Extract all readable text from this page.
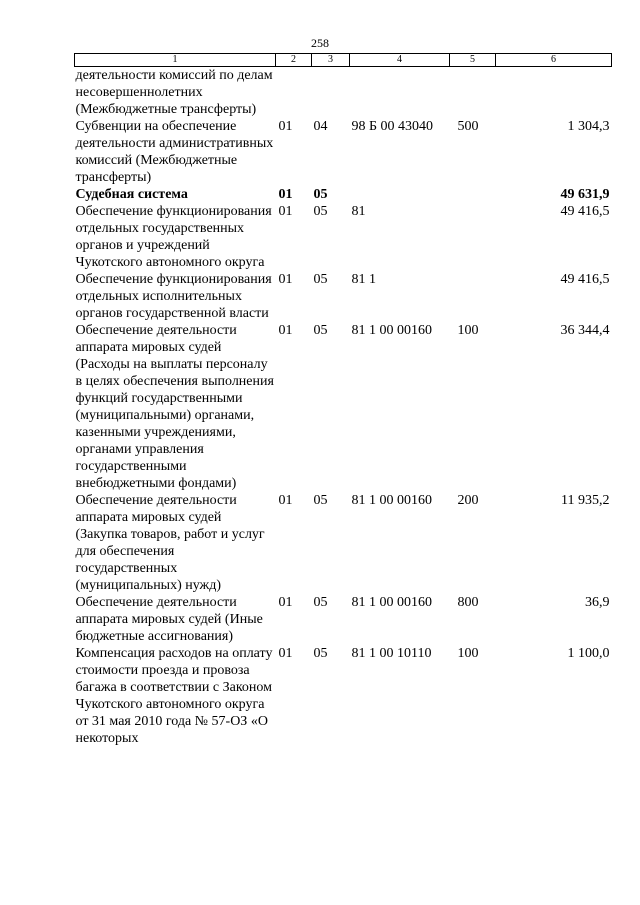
258
1	2	3	4	5	6
деятельности комиссий по делам несовершеннолетних (Межбюджетные трансферты)					
Субвенции на обеспечение деятельности административных комиссий (Межбюджетные трансферты)	01	04	98 Б 00 43040	500	1 304,3
Судебная система	01	05			49 631,9
Обеспечение функционирования отдельных государственных органов и учреждений Чукотского автономного округа	01	05	81		49 416,5
Обеспечение функционирования отдельных исполнительных органов государственной власти	01	05	81 1		49 416,5
Обеспечение деятельности аппарата мировых судей (Расходы на выплаты персоналу в целях обеспечения выполнения функций государственными (муниципальными) органами, казенными учреждениями, органами управления государственными внебюджетными фондами)	01	05	81 1 00 00160	100	36 344,4
Обеспечение деятельности аппарата мировых судей (Закупка товаров, работ и услуг для обеспечения государственных (муниципальных) нужд)	01	05	81 1 00 00160	200	11 935,2
Обеспечение деятельности аппарата мировых судей (Иные бюджетные ассигнования)	01	05	81 1 00 00160	800	36,9
Компенсация расходов на оплату стоимости проезда и провоза багажа в соответствии с Законом Чукотского автономного округа от 31 мая 2010 года № 57-ОЗ «О некоторых	01	05	81 1 00 10110	100	1 100,0
